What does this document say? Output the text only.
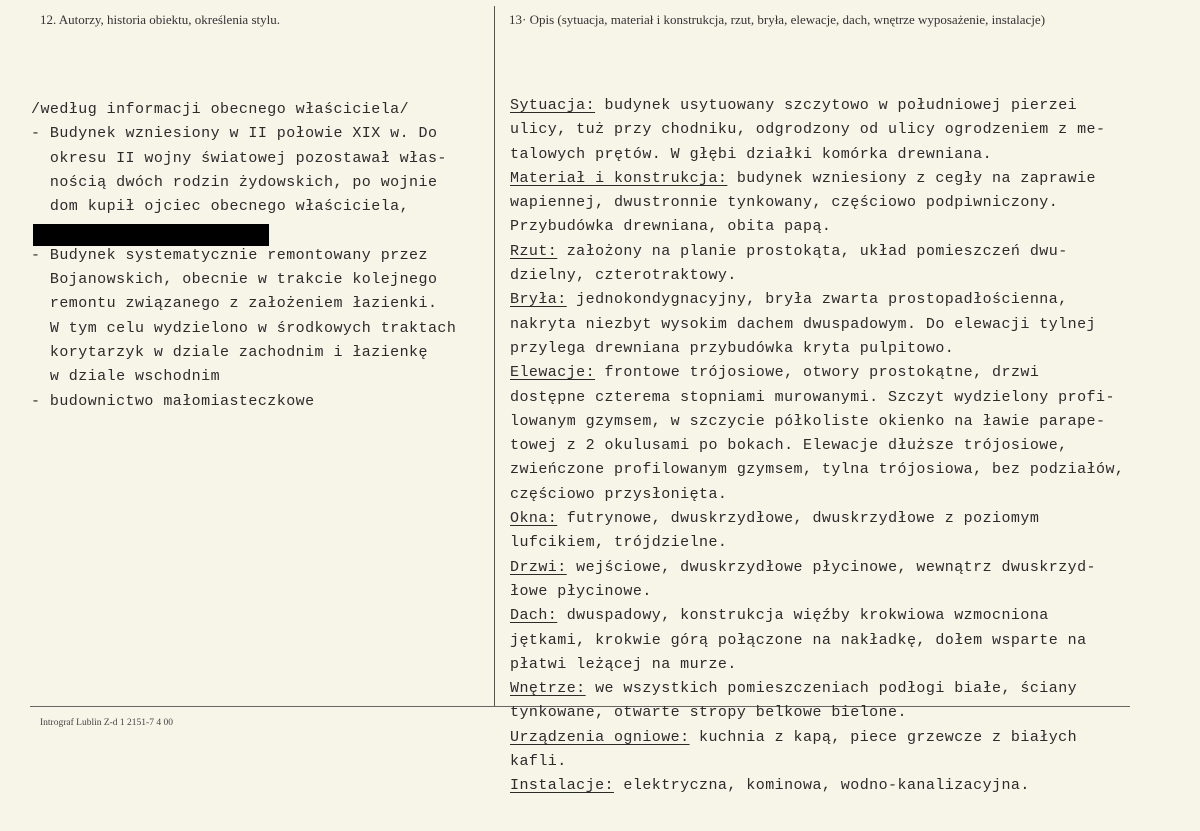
12. Autorzy, historia obiektu, określenia stylu.	13· Opis (sytuacja, materiał i konstrukcja, rzut, bryła, elewacje, dach, wnętrze wyposażenie, instalacje)
/według informacji obecnego właściciela/
- Budynek wzniesiony w II połowie XIX w. Do
okresu II wojny światowej pozostawał włas-
nością dwóch rodzin żydowskich, po wojnie
dom kupił ojciec obecnego właściciela,
- Budynek systematycznie remontowany przez
Bojanowskich, obecnie w trakcie kolejnego
remontu związanego z założeniem łazienki.
W tym celu wydzielono w środkowych traktach
korytarzyk w dziale zachodnim i łazienkę
w dziale wschodnim
- budownictwo małomiasteczkowe
Sytuacja: budynek usytuowany szczytowo w południowej pierzei
ulicy, tuż przy chodniku, odgrodzony od ulicy ogrodzeniem z me-
talowych prętów. W głębi działki komórka drewniana.
Materiał i konstrukcja: budynek wzniesiony z cegły na zaprawie
wapiennej, dwustronnie tynkowany, częściowo podpiwniczony.
Przybudówka drewniana, obita papą.
Rzut: założony na planie prostokąta, układ pomieszczeń dwu-
dzielny, czterotraktowy.
Bryła: jednokondygnacyjny, bryła zwarta prostopadłościenna,
nakryta niezbyt wysokim dachem dwuspadowym. Do elewacji tylnej
przylega drewniana przybudówka kryta pulpitowo.
Elewacje: frontowe trójosiowe, otwory prostokątne, drzwi
dostępne czterema stopniami murowanymi. Szczyt wydzielony profi-
lowanym gzymsem, w szczycie półkoliste okienko na ławie parape-
towej z 2 okulusami po bokach. Elewacje dłuższe trójosiowe,
zwieńczone profilowanym gzymsem, tylna trójosiowa, bez podziałów,
częściowo przysłonięta.
Okna: futrynowe, dwuskrzydłowe, dwuskrzydłowe z poziomym
lufcikiem, trójdzielne.
Drzwi: wejściowe, dwuskrzydłowe płycinowe, wewnątrz dwuskrzyd-
łowe płycinowe.
Dach: dwuspadowy, konstrukcja więźby krokwiowa wzmocniona
jętkami, krokwie górą połączone na nakładkę, dołem wsparte na
płatwi leżącej na murze.
Wnętrze: we wszystkich pomieszczeniach podłogi białe, ściany
tynkowane, otwarte stropy belkowe bielone.
Urządzenia ogniowe: kuchnia z kapą, piece grzewcze z białych
kafli.
Instalacje: elektryczna, kominowa, wodno-kanalizacyjna.
Intrograf Lublin Z-d 1 2151-7 4 00
